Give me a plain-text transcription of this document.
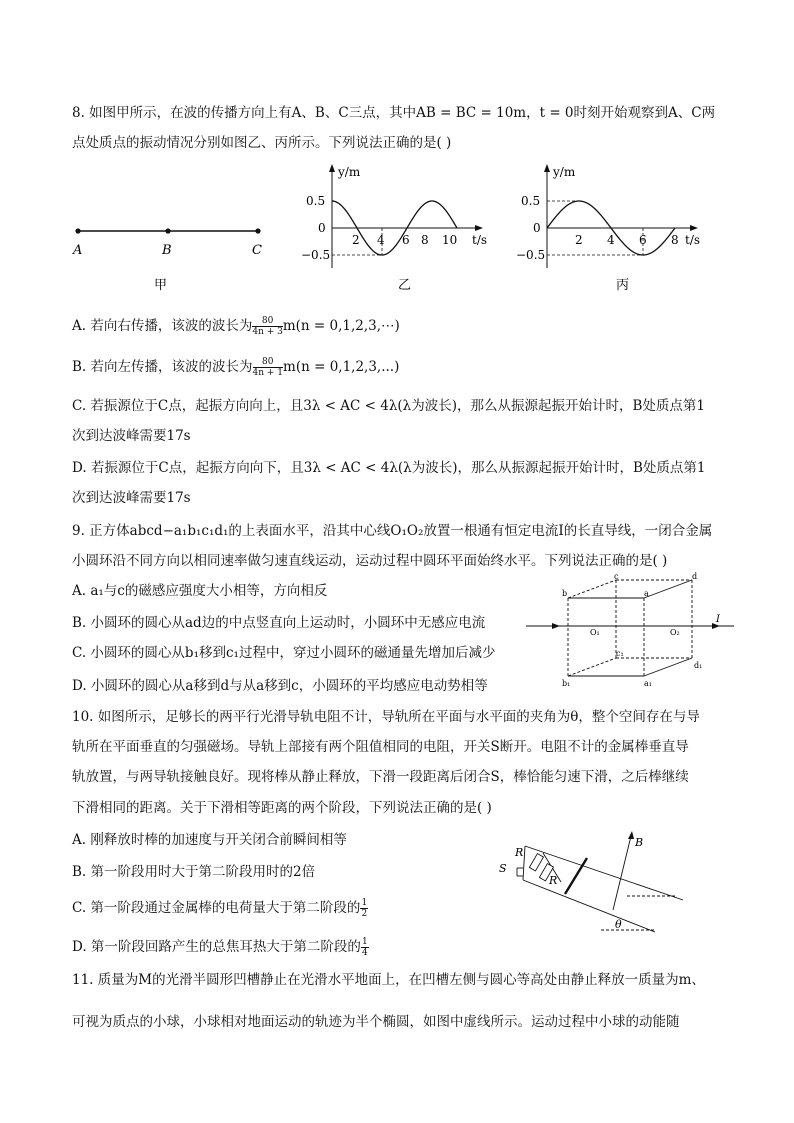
8. 如图甲所示，在波的传播方向上有A、B、C三点，其中AB = BC = 10m，t = 0时刻开始观察到A、C两
点处质点的振动情况分别如图乙、丙所示。下列说法正确的是( )
A	B	C
甲
y/m
t/s
0.5
0
−0.5
2 4 6 8 10
乙
y/m
t/s
0.5
0
−0.5
2 4 6 8
丙
A. 若向右传播，该波的波长为 $\frac{80}{4n + 3} m(n$ = 0,1,2,3,⋯)
B. 若向左传播，该波的波长为 $\frac{80}{4n + 1} m(n = 0,1,2,3,...)$
C. 若振源位于C点，起振方向向上，且3λ < AC < 4λ(λ为波长)，那么从振源起振开始计时，B处质点第1
次到达波峰需要17s
D. 若振源位于C点，起振方向向下，且3λ < AC < 4λ(λ为波长)，那么从振源起振开始计时，B处质点第1
次到达波峰需要17s
9. 正方体abcd−a₁b₁c₁d₁的上表面水平，沿其中心线O₁O₂放置一根通有恒定电流I的长直导线，一闭合金属
小圆环沿不同方向以相同速率做匀速直线运动，运动过程中圆环平面始终水平。下列说法正确的是( )
A. a₁与c的磁感应强度大小相等，方向相反
B. 小圆环的圆心从ad边的中点竖直向上运动时，小圆环中无感应电流
C. 小圆环的圆心从b₁移到c₁过程中，穿过小圆环的磁通量先增加后减少
D. 小圆环的圆心从a移到d与从a移到c，小圆环的平均感应电动势相等
b
c
a
d
O₁	O₂
I
c₁
d₁
b₁	a₁
10. 如图所示，足够长的两平行光滑导轨电阻不计，导轨所在平面与水平面的夹角为θ，整个空间存在与导
轨所在平面垂直的匀强磁场。导轨上部接有两个阻值相同的电阻，开关S断开。电阻不计的金属棒垂直导
轨放置，与两导轨接触良好。现将棒从静止释放，下滑一段距离后闭合S，棒恰能匀速下滑，之后棒继续
下滑相同的距离。关于下滑相等距离的两个阶段，下列说法正确的是( )
A. 刚释放时棒的加速度与开关闭合前瞬间相等
B. 第一阶段用时大于第二阶段用时的2倍
C. 第一阶段通过金属棒的电荷量大于第二阶段的 $\frac{1}{2}$
D. 第一阶段回路产生的总焦耳热大于第二阶段的 $\frac{1}{4}$
B
R
R
S
θ
11. 质量为M的光滑半圆形凹槽静止在光滑水平地面上，在凹槽左侧与圆心等高处由静止释放一质量为m、
可视为质点的小球，小球相对地面运动的轨迹为半个椭圆，如图中虚线所示。运动过程中小球的动能随
